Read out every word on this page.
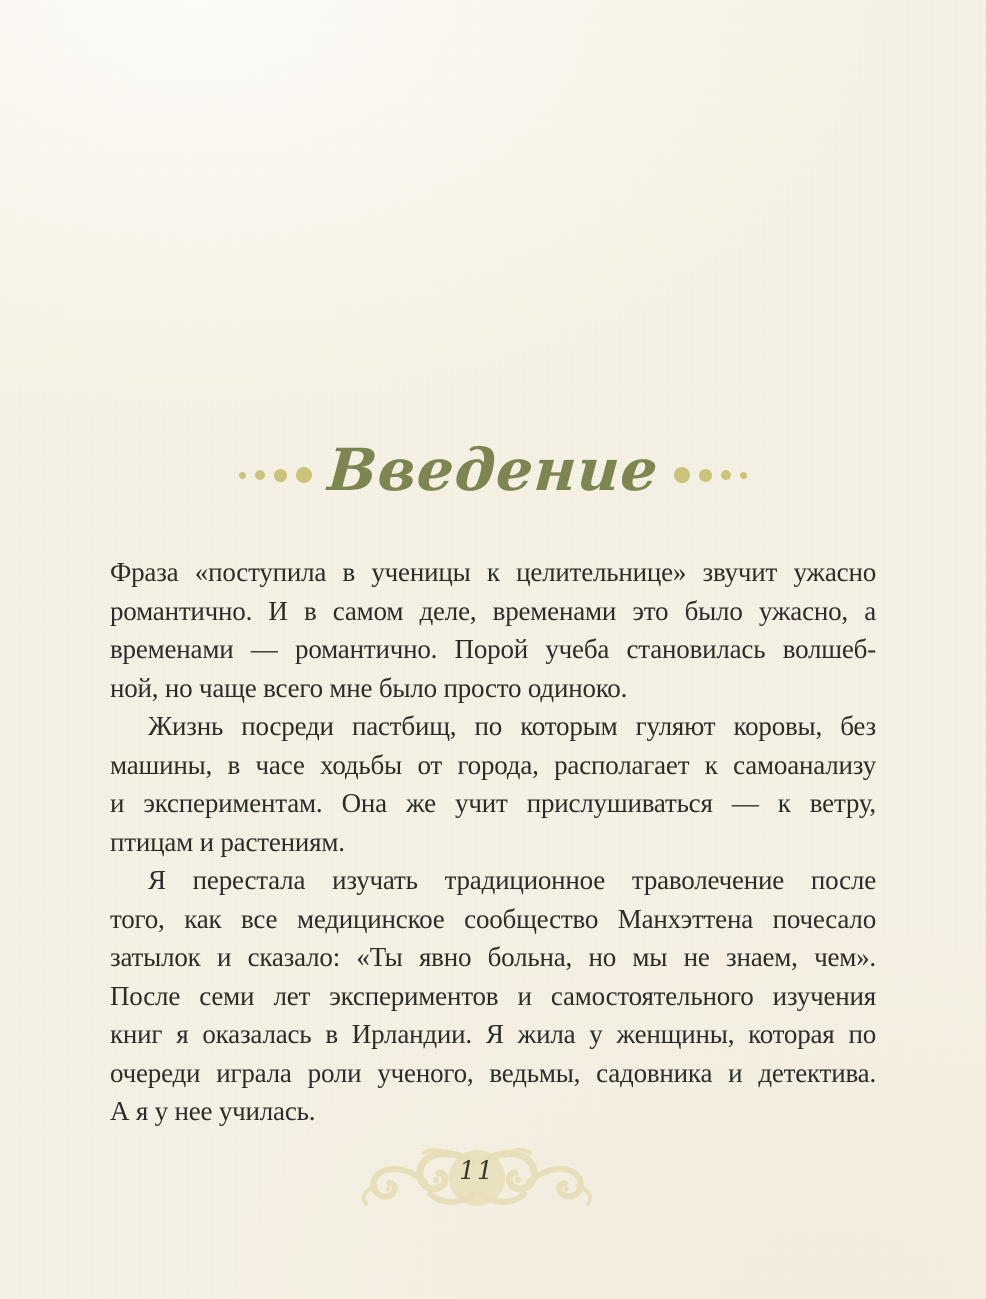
Введение
Фраза «поступила в ученицы к целительнице» звучит ужасно
романтично. И в самом деле, временами это было ужасно, а
временами — романтично. Порой учеба становилась волшеб-
ной, но чаще всего мне было просто одиноко.
Жизнь посреди пастбищ, по которым гуляют коровы, без
машины, в часе ходьбы от города, располагает к самоанализу
и экспериментам. Она же учит прислушиваться — к ветру,
птицам и растениям.
Я перестала изучать традиционное траволечение после
того, как все медицинское сообщество Манхэттена почесало
затылок и сказало: «Ты явно больна, но мы не знаем, чем».
После семи лет экспериментов и самостоятельного изучения
книг я оказалась в Ирландии. Я жила у женщины, которая по
очереди играла роли ученого, ведьмы, садовника и детектива.
А я у нее училась.
11
